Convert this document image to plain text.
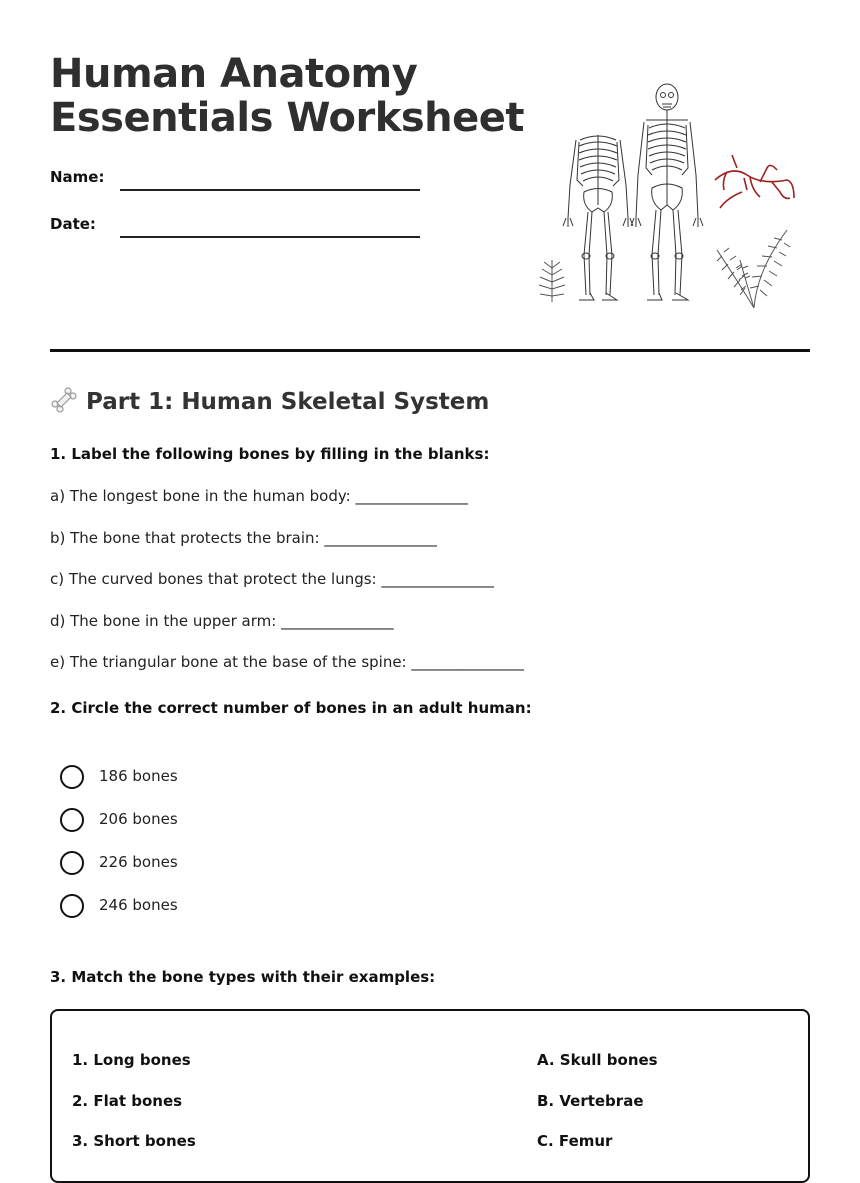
Human Anatomy
Essentials Worksheet
Name:
Date:
Part 1: Human Skeletal System
1. Label the following bones by filling in the blanks:
a) The longest bone in the human body: _______________
b) The bone that protects the brain: _______________
c) The curved bones that protect the lungs: _______________
d) The bone in the upper arm: _______________
e) The triangular bone at the base of the spine: _______________
2. Circle the correct number of bones in an adult human:
186 bones
206 bones
226 bones
246 bones
3. Match the bone types with their examples:
1. Long bones	A. Skull bones
2. Flat bones	B. Vertebrae
3. Short bones	C. Femur
